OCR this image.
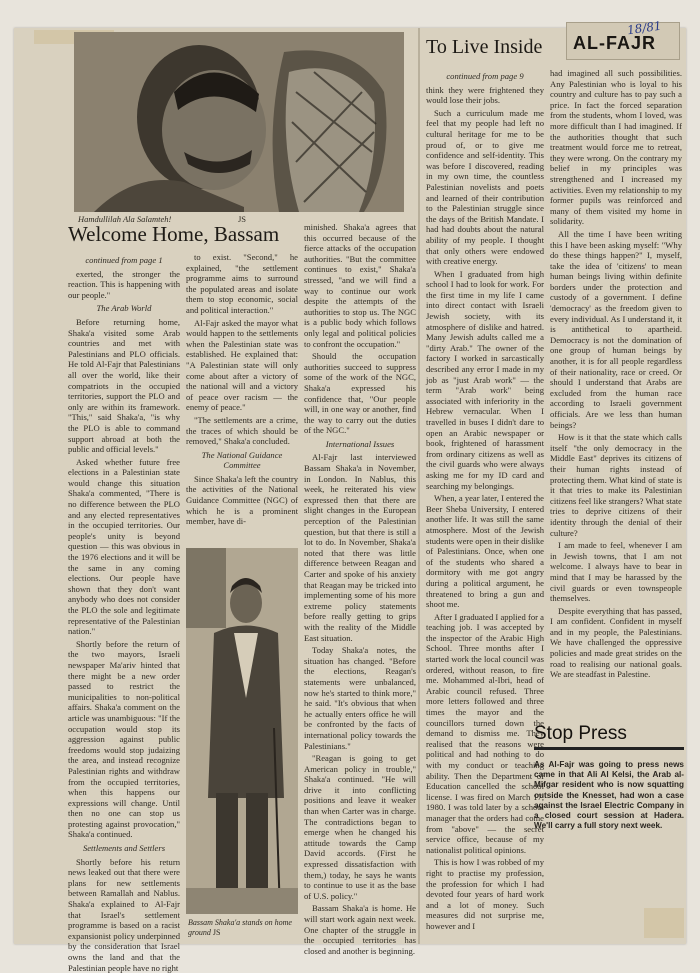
Hamdullilah Ala Salamteh!	JS
Welcome Home, Bassam

continued from page 1

exerted, the stronger the reaction. This is happening with our people."

The Arab World

Before returning home, Shaka'a visited some Arab countries and met with Palestinians and PLO officials. He told Al-Fajr that Palestinians all over the world, like their compatriots in the occupied territories, support the PLO and only are within its framework. "This," said Shaka'a, "is why the PLO is able to command support abroad at both the public and official levels."

Asked whether future free elections in a Palestinian state would change this situation Shaka'a commented, "There is no difference between the PLO and any elected representatives in the occupied territories. Our people's unity is beyond question — this was obvious in the 1976 elections and it will be the same in any coming elections. Our people have shown that they don't want anybody who does not consider the PLO the sole and legitimate representative of the Palestinian nation."

Shortly before the return of the two mayors, Israeli newspaper Ma'ariv hinted that there might be a new order passed to restrict the municipalities to non-political affairs. Shaka'a comment on the article was unambiguous: "If the occupation would stop its aggression against public freedoms would stop judaizing the area, and instead recognize Palestinian rights and withdraw from the occupied territories, when this happens our expressions will change. Until then no one can stop us protesting against provocation," Shaka'a continued.

Settlements and Settlers

Shortly before his return news leaked out that there were plans for new settlements between Ramallah and Nablus. Shaka'a explained to Al-Fajr that Israel's settlement programme is based on a racist expansionist policy underpinned by the consideration that Israel owns the land and that the Palestinian people have no right

to exist. "Second," he explained, "the settlement programme aims to surround the populated areas and isolate them to stop economic, social and political interaction."

Al-Fajr asked the mayor what would happen to the settlements when the Palestinian state was established. He explained that: "A Palestinian state will only come about after a victory of the national will and a victory of peace over racism — the enemy of peace."

"The settlements are a crime, the traces of which should be removed," Shaka'a concluded.

The National Guidance Committee

Since Shaka'a left the country the activities of the National Guidance Committee (NGC) of which he is a prominent member, have di-

Bassam Shaka'a stands on home ground JS

minished. Shaka'a agrees that this occurred because of the fierce attacks of the occupation authorities. "But the committee continues to exist," Shaka'a stressed, "and we will find a way to continue our work despite the attempts of the authorities to stop us. The NGC is a public body which follows only legal and political policies to confront the occupation."

Should the occupation authorities succeed to suppress some of the work of the NGC, Shaka'a expressed his confidence that, "Our people will, in one way or another, find the way to carry out the duties of the NGC."

International Issues

Al-Fajr last interviewed Bassam Shaka'a in November, in London. In Nablus, this week, he reiterated his view expressed then that there are slight changes in the European perception of the Palestinian question, but that there is still a lot to do. In November, Shaka'a noted that there was little difference between Reagan and Carter and spoke of his anxiety that Reagan may be tricked into implementing some of his more extreme policy statements before really getting to grips with the reality of the Middle East situation.

Today Shaka'a notes, the situation has changed. "Before the elections, Reagan's statements were unbalanced, now he's started to think more," he said. "It's obvious that when he actually enters office he will be confronted by the facts of international policy towards the Palestinians."

"Reagan is going to get American policy in trouble," Shaka'a continued. "He will drive it into conflicting positions and leave it weaker than when Carter was in charge. The contradictions began to emerge when he changed his attitude towards the Camp David accords. (First he expressed dissatisfaction with them,) today, he says he wants to continue to use it as the base of U.S. policy."

Bassam Shaka'a is home. He will start work again next week. One chapter of the struggle in the occupied territories has closed and another is beginning.

To Live Inside

continued from page 9

think they were frightened they would lose their jobs.

Such a curriculum made me feel that my people had left no cultural heritage for me to be proud of, or to give me confidence and self-identity. This was before I discovered, reading in my own time, the countless Palestinian novelists and poets and learned of their contribution to the Palestinian struggle since the days of the British Mandate. I had had doubts about the natural ability of my people. I thought that only others were endowed with creative energy.

When I graduated from high school I had to look for work. For the first time in my life I came into direct contact with Israeli Jewish society, with its atmosphere of dislike and hatred. Many Jewish adults called me a "dirty Arab." The owner of the factory I worked in sarcastically described any error I made in my job as "just Arab work" — the term "Arab work" being associated with inferiority in the Hebrew vernacular. When I travelled in buses I didn't dare to open an Arabic newspaper or book, frightened of harassment from ordinary citizens as well as the civil guards who were always asking me for my ID card and searching my belongings.

When, a year later, I entered the Beer Sheba University, I entered another life. It was still the same atmosphere. Most of the Jewish students were open in their dislike of Palestinians. Once, when one of the students who shared a dormitory with me got angry during a political argument, he threatened to bring a gun and shoot me.

After I graduated I applied for a teaching job. I was accepted by the inspector of the Arabic High School. Three months after I started work the local council was ordered, without reason, to fire me. Mohammed al-Ibri, head of Arabic council refused. Three more letters followed and three times the mayor and the councillors turned down the demand to dismiss me. They realised that the reasons were political and had nothing to do with my conduct or teaching ability. Then the Department of Education cancelled the school license. I was fired on March 17, 1980. I was told later by a school manager that the orders had come from "above" — the secret service office, because of my nationalist political opinions.

This is how I was robbed of my right to practise my profession, the profession for which I had devoted four years of hard work and a lot of money. Such measures did not surprise me, however and I

had imagined all such possibilities. Any Palestinian who is loyal to his country and culture has to pay such a price. In fact the forced separation from the students, whom I loved, was more difficult than I had imagined. If the authorities thought that such treatment would force me to retreat, they were wrong. On the contrary my belief in my principles was strengthened and I increased my activities. Even my relationship to my former pupils was reinforced and many of them visited my home in solidarity.

All the time I have been writing this I have been asking myself: "Why do these things happen?" I, myself, take the idea of 'citizens' to mean human beings living within definite borders under the protection and custody of a government. I define 'democracy' as the freedom given to every individual. As I understand it, it is antithetical to apartheid. Democracy is not the domination of one group of human beings by another, it is for all people regardless of their nationality, race or creed. Or should I understand that Arabs are excluded from the human race according to Israeli government officials. Are we less than human beings?

How is it that the state which calls itself "the only democracy in the Middle East" deprives its citizens of their human rights instead of protecting them. What kind of state is it that tries to make its Palestinian citizens feel like strangers? What state tries to deprive citizens of their identity through the denial of their culture?

I am made to feel, whenever I am in Jewish towns, that I am not welcome. I always have to bear in mind that I may be harassed by the civil guards or even townspeople themselves.

Despite everything that has passed, I am confident. Confident in myself and in my people, the Palestinians. We have challenged the oppressive policies and made great strides on the road to realising our national goals. We are steadfast in Palestine.

Stop Press
As Al-Fajr was going to press news came in that Ali Al Kelsi, the Arab al-Mifgar resident who is now squatting outside the Knesset, had won a case against the Israel Electric Company in a closed court session at Hadera. We'll carry a full story next week.
AL-FAJR
18/81
